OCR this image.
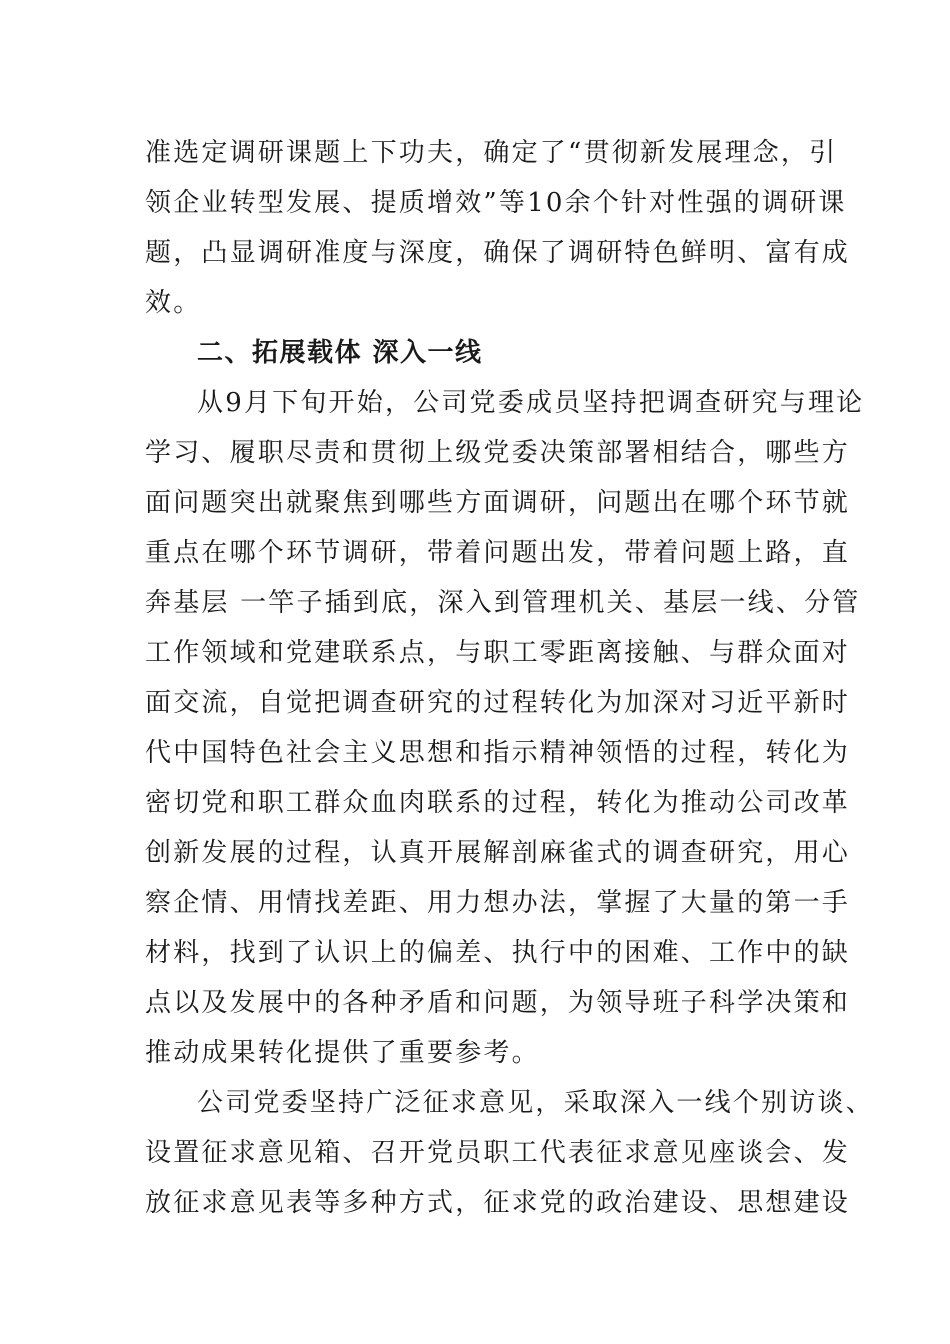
准选定调研课题上下功夫，确定了“贯彻新发展理念，引
领企业转型发展、提质增效”等10余个针对性强的调研课
题，凸显调研准度与深度，确保了调研特色鲜明、富有成
效。
二、拓展载体 深入一线
从9月下旬开始，公司党委成员坚持把调查研究与理论
学习、履职尽责和贯彻上级党委决策部署相结合，哪些方
面问题突出就聚焦到哪些方面调研，问题出在哪个环节就
重点在哪个环节调研，带着问题出发，带着问题上路，直
奔基层 一竿子插到底，深入到管理机关、基层一线、分管
工作领域和党建联系点，与职工零距离接触、与群众面对
面交流，自觉把调查研究的过程转化为加深对习近平新时
代中国特色社会主义思想和指示精神领悟的过程，转化为
密切党和职工群众血肉联系的过程，转化为推动公司改革
创新发展的过程，认真开展解剖麻雀式的调查研究，用心
察企情、用情找差距、用力想办法，掌握了大量的第一手
材料，找到了认识上的偏差、执行中的困难、工作中的缺
点以及发展中的各种矛盾和问题，为领导班子科学决策和
推动成果转化提供了重要参考。
公司党委坚持广泛征求意见，采取深入一线个别访谈、
设置征求意见箱、召开党员职工代表征求意见座谈会、发
放征求意见表等多种方式，征求党的政治建设、思想建设
